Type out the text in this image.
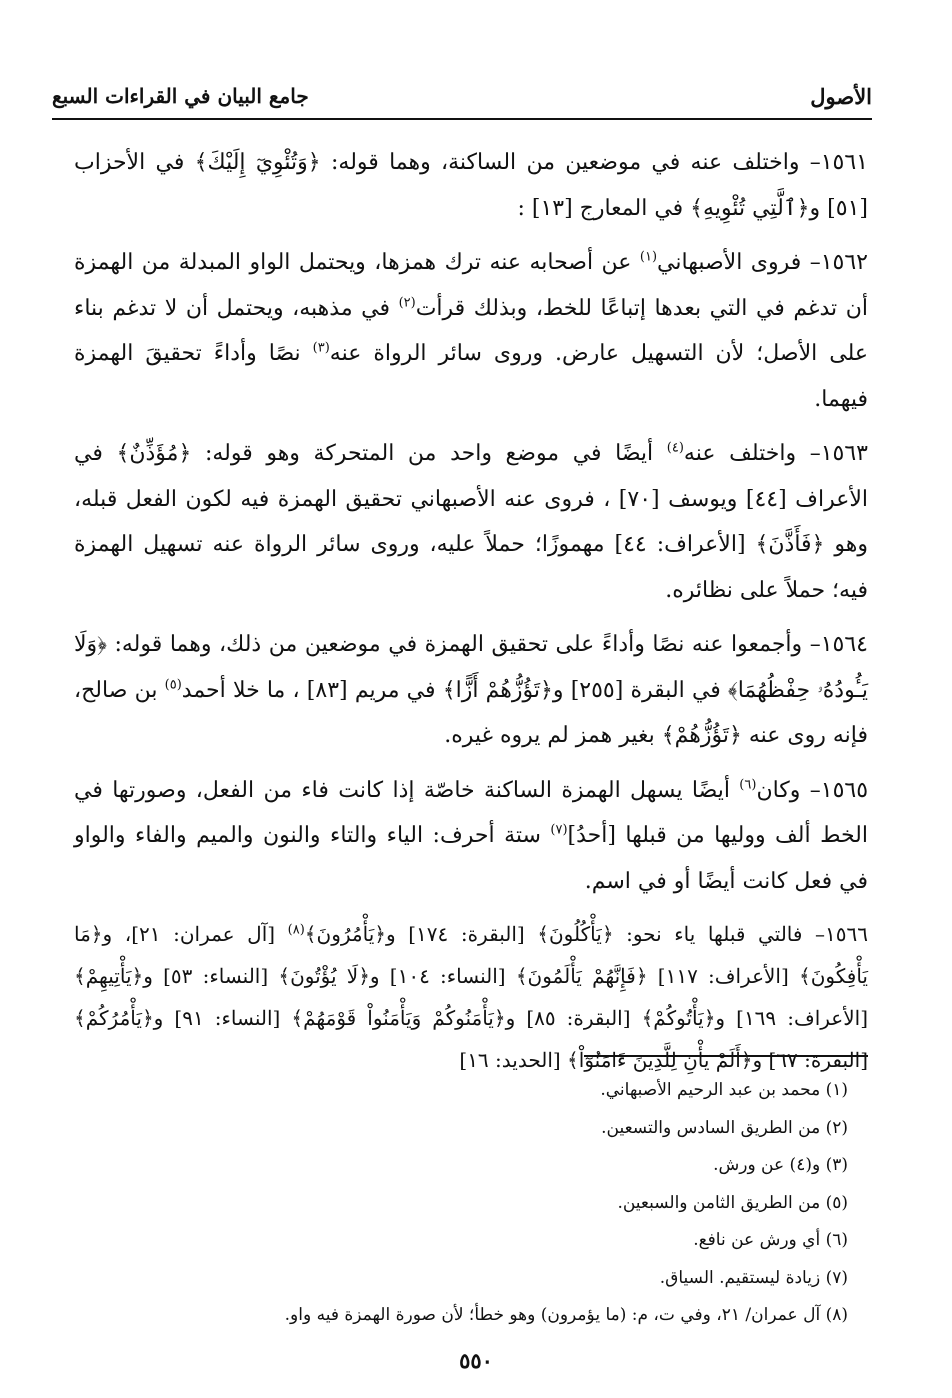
الأصول
جامع البيان في القراءات السبع

١٥٦١– واختلف عنه في موضعين من الساكنة، وهما قوله: ﴿وَتُئْوِيٓ إِلَيْكَ﴾ في الأحزاب [٥١] و﴿ٱلَّتِي تُئْوِيهِ﴾ في المعارج [١٣] :

١٥٦٢– فروى الأصبهاني$^{(١)}$ عن أصحابه عنه ترك همزها، ويحتمل الواو المبدلة من الهمزة أن تدغم في التي بعدها إتباعًا للخط، وبذلك قرأت$^{(٢)}$ في مذهبه، ويحتمل أن لا تدغم بناء على الأصل؛ لأن التسهيل عارض. وروى سائر الرواة عنه$^{(٣)}$ نصًا وأداءً تحقيقَ الهمزة فيهما.

١٥٦٣– واختلف عنه$^{(٤)}$ أيضًا في موضع واحد من المتحركة وهو قوله: ﴿مُؤَذِّنٌ﴾ في الأعراف [٤٤] ويوسف [٧٠] ، فروى عنه الأصبهاني تحقيق الهمزة فيه لكون الفعل قبله، وهو ﴿فَأَذَّنَ﴾ [الأعراف: ٤٤] مهموزًا؛ حملاً عليه، وروى سائر الرواة عنه تسهيل الهمزة فيه؛ حملاً على نظائره.

١٥٦٤– وأجمعوا عنه نصًا وأداءً على تحقيق الهمزة في موضعين من ذلك، وهما قوله: ﴿وَلَا يَـُٔودُهُۥ حِفْظُهُمَا﴾ في البقرة [٢٥٥] و﴿تَؤُزُّهُمْ أَزًّا﴾ في مريم [٨٣] ، ما خلا أحمد$^{(٥)}$ بن صالح، فإنه روى عنه ﴿تَؤُزُّهُمْ﴾ بغير همز لم يروه غيره.

١٥٦٥– وكان$^{(٦)}$ أيضًا يسهل الهمزة الساكنة خاصّة إذا كانت فاء من الفعل، وصورتها في الخط ألف ووليها من قبلها [أحدُ]$^{(٧)}$ ستة أحرف: الياء والتاء والنون والميم والفاء والواو في فعل كانت أيضًا أو في اسم.

١٥٦٦– فالتي قبلها ياء نحو: ﴿يَأْكُلُونَ﴾ [البقرة: ١٧٤] و﴿يَأْمُرُونَ﴾$^{(٨)}$ [آل عمران: ٢١]، و﴿مَا يَأْفِكُونَ﴾ [الأعراف: ١١٧] ﴿فَإِنَّهُمْ يَأْلَمُونَ﴾ [النساء: ١٠٤] و﴿لَا يُؤْتُونَ﴾ [النساء: ٥٣] و﴿يَأْتِيهِمْ﴾ [الأعراف: ١٦٩] و﴿يَأْتُوكُمْ﴾ [البقرة: ٨٥] و﴿يَأْمَنُوكُمْ وَيَأْمَنُواْ قَوْمَهُمْ﴾ [النساء: ٩١] و﴿يَأْمُرُكُمْ﴾ [البقرة: ٦٧] و﴿أَلَمْ يَأْنِ لِلَّذِينَ ءَامَنُوٓاْ﴾ [الحديد: ١٦]

(١) محمد بن عبد الرحيم الأصبهاني.
(٢) من الطريق السادس والتسعين.
(٣) و(٤) عن ورش.
(٥) من الطريق الثامن والسبعين.
(٦) أي ورش عن نافع.
(٧) زيادة ليستقيم. السياق.
(٨) آل عمران/ ٢١، وفي ت، م: (ما يؤمرون) وهو خطأ؛ لأن صورة الهمزة فيه واو.
٥٥٠
